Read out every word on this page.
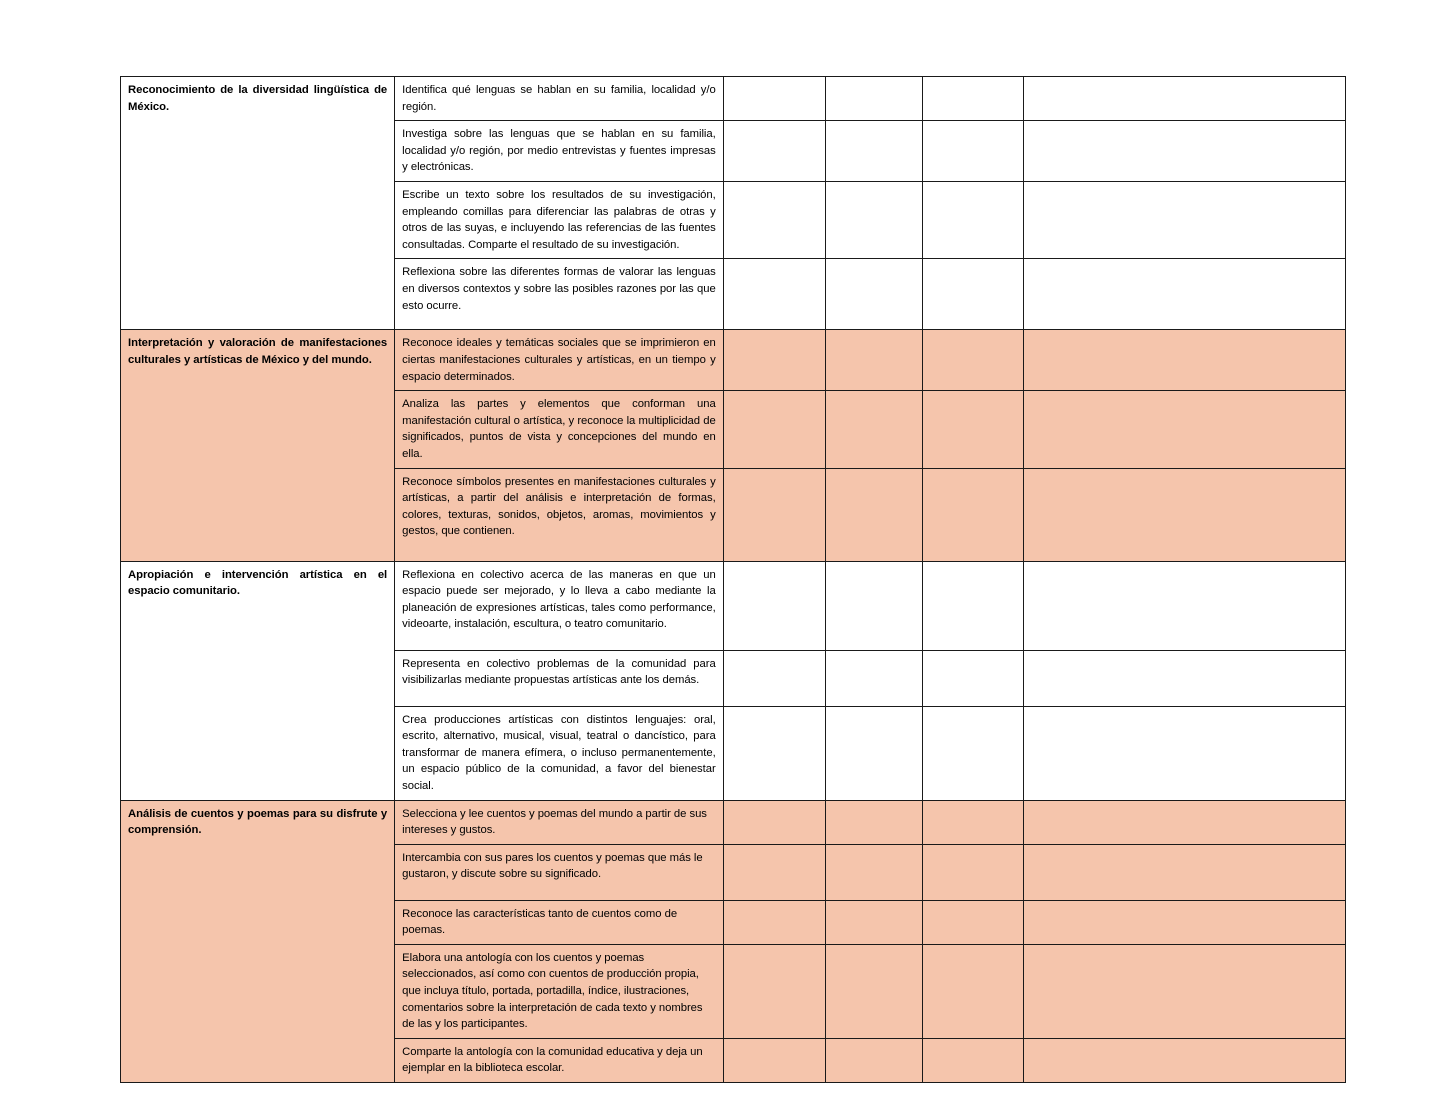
Reconocimiento de la diversidad lingüística de México.	Identifica qué lenguas se hablan en su familia, localidad y/o región.				
	Investiga sobre las lenguas que se hablan en su familia, localidad y/o región, por medio entrevistas y fuentes impresas y electrónicas.				
	Escribe un texto sobre los resultados de su investigación, empleando comillas para diferenciar las palabras de otras y otros de las suyas, e incluyendo las referencias de las fuentes consultadas. Comparte el resultado de su investigación.				
	Reflexiona sobre las diferentes formas de valorar las lenguas en diversos contextos y sobre las posibles razones por las que esto ocurre.				
Interpretación y valoración de manifestaciones culturales y artísticas de México y del mundo.	Reconoce ideales y temáticas sociales que se imprimieron en ciertas manifestaciones culturales y artísticas, en un tiempo y espacio determinados.				
	Analiza las partes y elementos que conforman una manifestación cultural o artística, y reconoce la multiplicidad de significados, puntos de vista y concepciones del mundo en ella.				
	Reconoce símbolos presentes en manifestaciones culturales y artísticas, a partir del análisis e interpretación de formas, colores, texturas, sonidos, objetos, aromas, movimientos y gestos, que contienen.				
Apropiación e intervención artística en el espacio comunitario.	Reflexiona en colectivo acerca de las maneras en que un espacio puede ser mejorado, y lo lleva a cabo mediante la planeación de expresiones artísticas, tales como performance, videoarte, instalación, escultura, o teatro comunitario.				
	Representa en colectivo problemas de la comunidad para visibilizarlas mediante propuestas artísticas ante los demás.				
	Crea producciones artísticas con distintos lenguajes: oral, escrito, alternativo, musical, visual, teatral o dancístico, para transformar de manera efímera, o incluso permanentemente, un espacio público de la comunidad, a favor del bienestar social.				
Análisis de cuentos y poemas para su disfrute y comprensión.	Selecciona y lee cuentos y poemas del mundo a partir de sus intereses y gustos.				
	Intercambia con sus pares los cuentos y poemas que más le gustaron, y discute sobre su significado.				
	Reconoce las características tanto de cuentos como de poemas.				
	Elabora una antología con los cuentos y poemas seleccionados, así como con cuentos de producción propia, que incluya título, portada, portadilla, índice, ilustraciones, comentarios sobre la interpretación de cada texto y nombres de las y los participantes.				
	Comparte la antología con la comunidad educativa y deja un ejemplar en la biblioteca escolar.				
